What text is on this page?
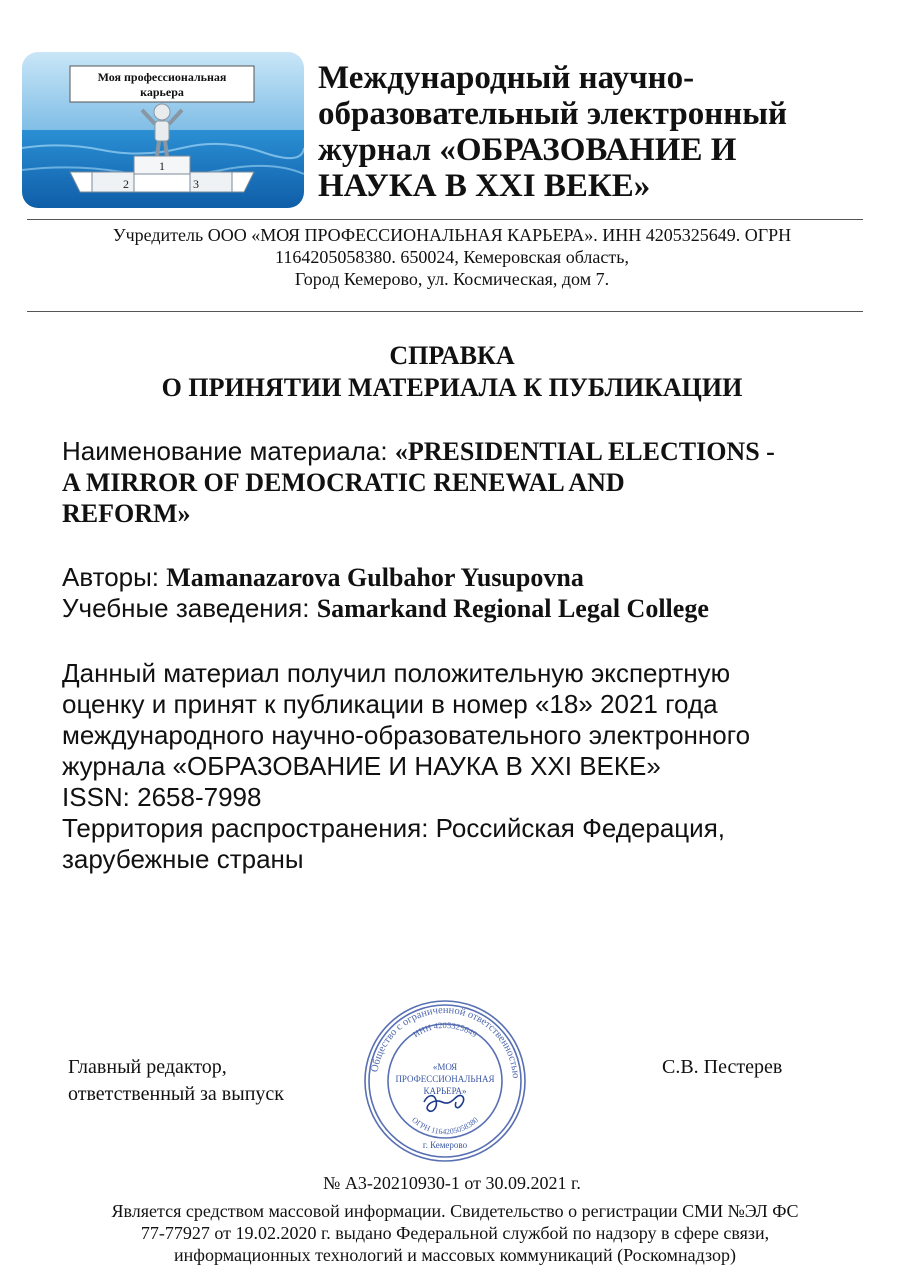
Моя профессиональная
карьера
1
2	3
Международный научно-
образовательный электронный
журнал «ОБРАЗОВАНИЕ И
НАУКА В XXI ВЕКЕ»
Учредитель ООО «МОЯ ПРОФЕССИОНАЛЬНАЯ КАРЬЕРА». ИНН 4205325649. ОГРН
1164205058380. 650024, Кемеровская область,
Город Кемерово, ул. Космическая, дом 7.
СПРАВКА
О ПРИНЯТИИ МАТЕРИАЛА К ПУБЛИКАЦИИ
Наименование материала: «PRESIDENTIAL ELECTIONS -
A MIRROR OF DEMOCRATIC RENEWAL AND
REFORM»
Авторы: Mamanazarova Gulbahor Yusupovna
Учебные заведения: Samarkand Regional Legal College
Данный материал получил положительную экспертную
оценку и принят к публикации в номер «18» 2021 года
международного научно-образовательного электронного
журнала «ОБРАЗОВАНИЕ И НАУКА В XXI ВЕКЕ»
ISSN: 2658-7998
Территория распространения: Российская Федерация,
зарубежные страны
Главный редактор,
ответственный за выпуск
С.В. Пестерев
Общество с ограниченной ответственностью
ИНН 4205325649
ОГРН 1164205058380
«МОЯ
ПРОФЕССИОНАЛЬНАЯ
КАРЬЕРА»
г. Кемерово
№ А3-20210930-1 от 30.09.2021 г.
Является средством массовой информации. Свидетельство о регистрации СМИ №ЭЛ ФС
77-77927 от 19.02.2020 г. выдано Федеральной службой по надзору в сфере связи,
информационных технологий и массовых коммуникаций (Роскомнадзор)
